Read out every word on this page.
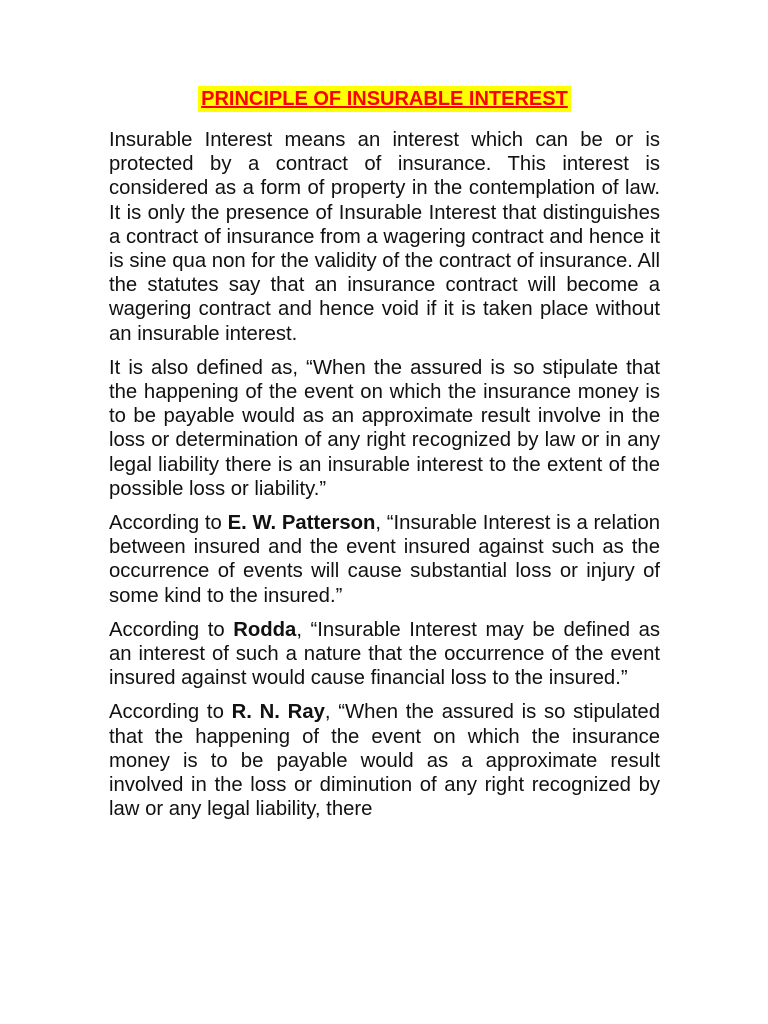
PRINCIPLE OF INSURABLE INTEREST

Insurable Interest means an interest which can be or is protected by a contract of insurance. This interest is considered as a form of property in the contemplation of law. It is only the presence of Insurable Interest that distinguishes a contract of insurance from a wagering contract and hence it is sine qua non for the validity of the contract of insurance. All the statutes say that an insurance contract will become a wagering contract and hence void if it is taken place without an insurable interest.

It is also defined as, “When the assured is so stipulate that the happening of the event on which the insurance money is to be payable would as an approximate result involve in the loss or determination of any right recognized by law or in any legal liability there is an insurable interest to the extent of the possible loss or liability.”

According to E. W. Patterson, “Insurable Interest is a relation between insured and the event insured against such as the occurrence of events will cause substantial loss or injury of some kind to the insured.”

According to Rodda, “Insurable Interest may be defined as an interest of such a nature that the occurrence of the event insured against would cause financial loss to the insured.”

According to R. N. Ray, “When the assured is so stipulated that the happening of the event on which the insurance money is to be payable would as a approximate result involved in the loss or diminution of any right recognized by law or any legal liability, there
